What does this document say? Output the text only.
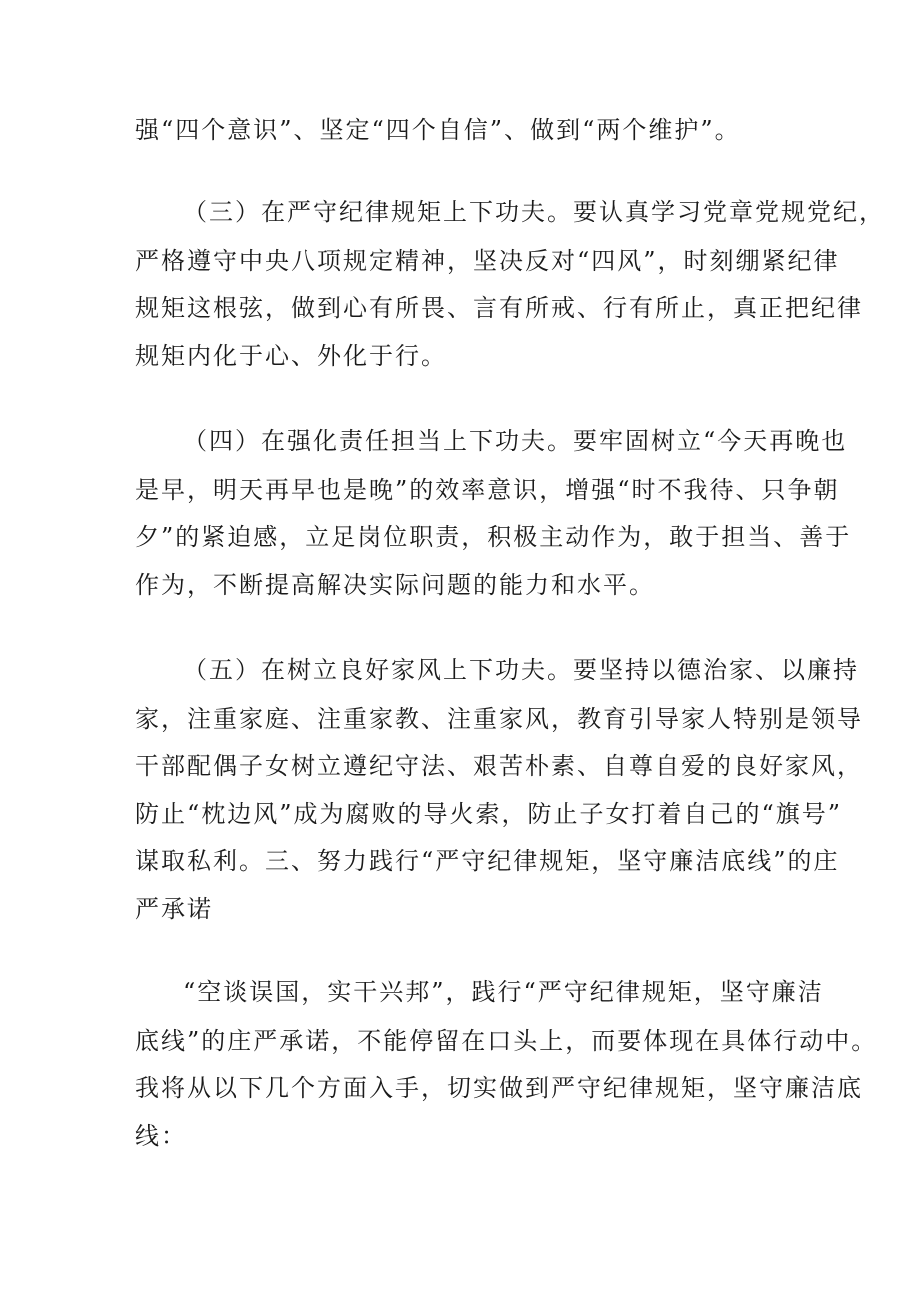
强“四个意识”、坚定“四个自信”、做到“两个维护”。
（三）在严守纪律规矩上下功夫。要认真学习党章党规党纪，
严格遵守中央八项规定精神，坚决反对“四风”，时刻绷紧纪律
规矩这根弦，做到心有所畏、言有所戒、行有所止，真正把纪律
规矩内化于心、外化于行。
（四）在强化责任担当上下功夫。要牢固树立“今天再晚也
是早，明天再早也是晚”的效率意识，增强“时不我待、只争朝
夕”的紧迫感，立足岗位职责，积极主动作为，敢于担当、善于
作为，不断提高解决实际问题的能力和水平。
（五）在树立良好家风上下功夫。要坚持以德治家、以廉持
家，注重家庭、注重家教、注重家风，教育引导家人特别是领导
干部配偶子女树立遵纪守法、艰苦朴素、自尊自爱的良好家风，
防止“枕边风”成为腐败的导火索，防止子女打着自己的“旗号”
谋取私利。三、努力践行“严守纪律规矩，坚守廉洁底线”的庄
严承诺
“空谈误国，实干兴邦”，践行“严守纪律规矩，坚守廉洁
底线”的庄严承诺，不能停留在口头上，而要体现在具体行动中。
我将从以下几个方面入手，切实做到严守纪律规矩，坚守廉洁底
线：
